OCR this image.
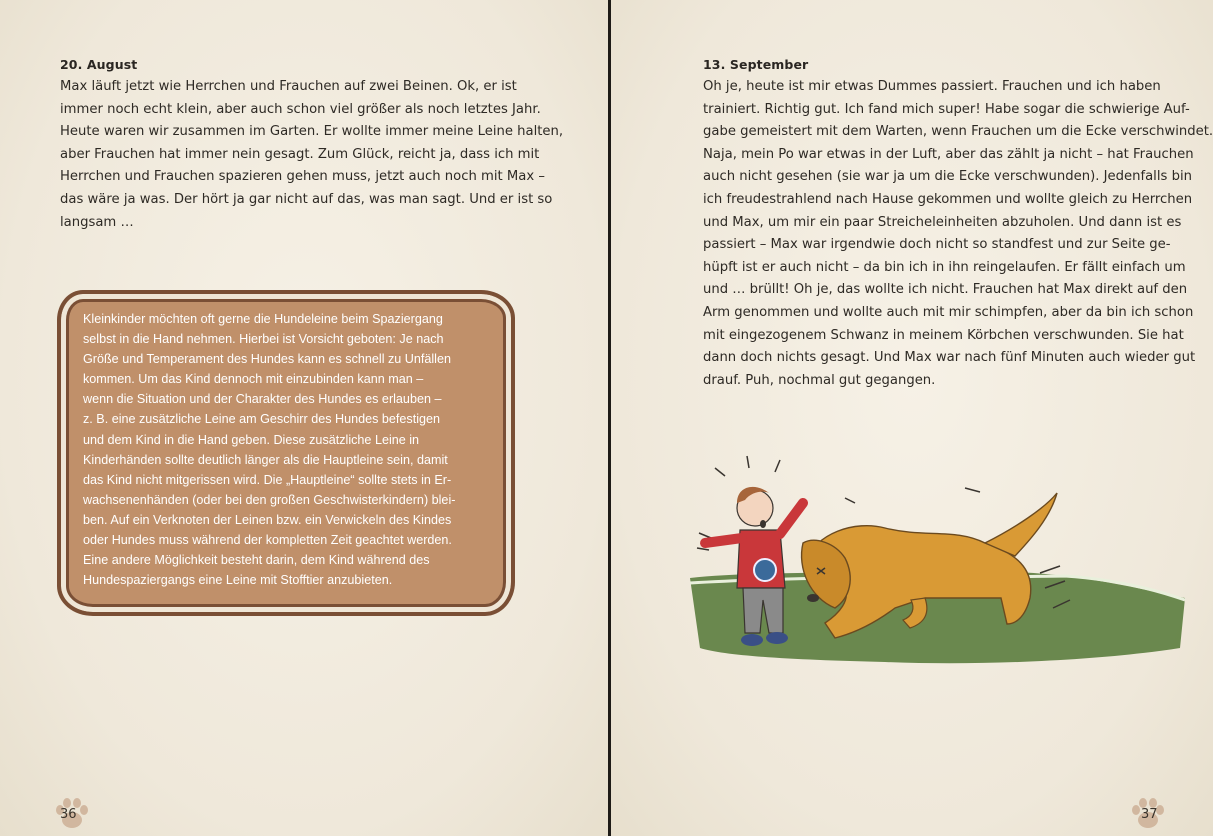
20. August
Max läuft jetzt wie Herrchen und Frauchen auf zwei Beinen. Ok, er ist
immer noch echt klein, aber auch schon viel größer als noch letztes Jahr.
Heute waren wir zusammen im Garten. Er wollte immer meine Leine halten,
aber Frauchen hat immer nein gesagt. Zum Glück, reicht ja, dass ich mit
Herrchen und Frauchen spazieren gehen muss, jetzt auch noch mit Max –
das wäre ja was. Der hört ja gar nicht auf das, was man sagt. Und er ist so
langsam …
Kleinkinder möchten oft gerne die Hundeleine beim Spaziergang
selbst in die Hand nehmen. Hierbei ist Vorsicht geboten: Je nach
Größe und Temperament des Hundes kann es schnell zu Unfällen
kommen. Um das Kind dennoch mit einzubinden kann man –
wenn die Situation und der Charakter des Hundes es erlauben –
z. B. eine zusätzliche Leine am Geschirr des Hundes befestigen
und dem Kind in die Hand geben. Diese zusätzliche Leine in
Kinderhänden sollte deutlich länger als die Hauptleine sein, damit
das Kind nicht mitgerissen wird. Die „Hauptleine“ sollte stets in Er-
wachsenenhänden (oder bei den großen Geschwisterkindern) blei-
ben. Auf ein Verknoten der Leinen bzw. ein Verwickeln des Kindes
oder Hundes muss während der kompletten Zeit geachtet werden.
Eine andere Möglichkeit besteht darin, dem Kind während des
Hundespaziergangs eine Leine mit Stofftier anzubieten.
36
13. September
Oh je, heute ist mir etwas Dummes passiert. Frauchen und ich haben
trainiert. Richtig gut. Ich fand mich super! Habe sogar die schwierige Auf-
gabe gemeistert mit dem Warten, wenn Frauchen um die Ecke verschwindet.
Naja, mein Po war etwas in der Luft, aber das zählt ja nicht – hat Frauchen
auch nicht gesehen (sie war ja um die Ecke verschwunden). Jedenfalls bin
ich freudestrahlend nach Hause gekommen und wollte gleich zu Herrchen
und Max, um mir ein paar Streicheleinheiten abzuholen. Und dann ist es
passiert – Max war irgendwie doch nicht so standfest und zur Seite ge-
hüpft ist er auch nicht – da bin ich in ihn reingelaufen. Er fällt einfach um
und … brüllt! Oh je, das wollte ich nicht. Frauchen hat Max direkt auf den
Arm genommen und wollte auch mit mir schimpfen, aber da bin ich schon
mit eingezogenem Schwanz in meinem Körbchen verschwunden. Sie hat
dann doch nichts gesagt. Und Max war nach fünf Minuten auch wieder gut
drauf. Puh, nochmal gut gegangen.
37
